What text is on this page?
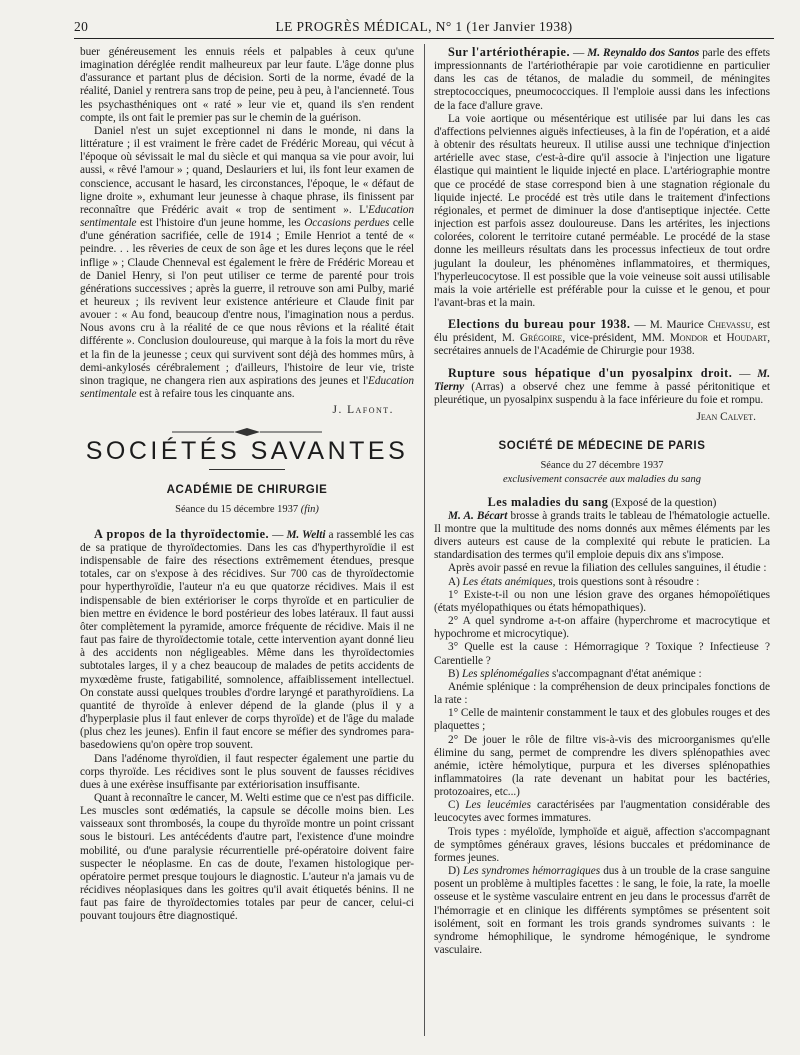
20	LE PROGRÈS MÉDICAL, N° 1 (1er Janvier 1938)

buer généreusement les ennuis réels et palpables à ceux qu'une imagination déréglée rendit malheureux par leur faute. L'âge donne plus d'assurance et partant plus de décision. Sorti de la norme, évadé de la réalité, Daniel y rentrera sans trop de peine, peu à peu, à l'ancienneté. Tous les psychasthéniques ont « raté » leur vie et, quand ils s'en rendent compte, ils ont fait le premier pas sur le chemin de la guérison.

Daniel n'est un sujet exceptionnel ni dans le monde, ni dans la littérature ; il est vraiment le frère cadet de Frédéric Moreau, qui vécut à l'époque où sévissait le mal du siècle et qui manqua sa vie pour avoir, lui aussi, « rêvé l'amour » ; quand, Deslauriers et lui, ils font leur examen de conscience, accusant le hasard, les circonstances, l'époque, le « défaut de ligne droite », exhumant leur jeunesse à chaque phrase, ils finissent par reconnaître que Frédéric avait « trop de sentiment ». L'Education sentimentale est l'histoire d'un jeune homme, les Occasions perdues celle d'une génération sacrifiée, celle de 1914 ; Emile Henriot a tenté de « peindre. . . les rêveries de ceux de son âge et les dures leçons que le réel inflige » ; Claude Chenneval est également le frère de Frédéric Moreau et de Daniel Henry, si l'on peut utiliser ce terme de parenté pour trois générations successives ; après la guerre, il retrouve son ami Pulby, marié et heureux ; ils revivent leur existence antérieure et Claude finit par avouer : « Au fond, beaucoup d'entre nous, l'imagination nous a perdus. Nous avons cru à la réalité de ce que nous rêvions et la réalité était différente ». Conclusion douloureuse, qui marque à la fois la mort du rêve et la fin de la jeunesse ; ceux qui survivent sont déjà des hommes mûrs, à demi-ankylosés cérébralement ; d'ailleurs, l'histoire de leur vie, triste sinon tragique, ne changera rien aux aspirations des jeunes et l'Education sentimentale est à refaire tous les cinquante ans.

J. Lafont.
SOCIÉTÉS SAVANTES
ACADÉMIE DE CHIRURGIE
Séance du 15 décembre 1937 (fin)

A propos de la thyroïdectomie. — M. Welti a rassemblé les cas de sa pratique de thyroïdectomies. Dans les cas d'hyperthyroïdie il est indispensable de faire des résections extrêmement étendues, presque totales, car on s'expose à des récidives. Sur 700 cas de thyroïdectomie pour hyperthyroïdie, l'auteur n'a eu que quatorze récidives. Mais il est indispensable de bien extérioriser le corps thyroïde et en particulier de bien mettre en évidence le bord postérieur des lobes latéraux. Il faut aussi ôter complètement la pyramide, amorce fréquente de récidive. Mais il ne faut pas faire de thyroïdectomie totale, cette intervention ayant donné lieu à des accidents non négligeables. Même dans les thyroïdectomies subtotales larges, il y a chez beaucoup de malades de petits accidents de myxœdème fruste, fatigabilité, somnolence, affaiblissement intellectuel. On constate aussi quelques troubles d'ordre laryngé et parathyroïdiens. La quantité de thyroïde à enlever dépend de la glande (plus il y a d'hyperplasie plus il faut enlever de corps thyroïde) et de l'âge du malade (plus chez les jeunes). Enfin il faut encore se méfier des syndromes para-basedowiens qu'on opère trop souvent.

Dans l'adénome thyroïdien, il faut respecter également une partie du corps thyroïde. Les récidives sont le plus souvent de fausses récidives dues à une exérèse insuffisante par extériorisation insuffisante.

Quant à reconnaître le cancer, M. Welti estime que ce n'est pas difficile. Les muscles sont œdématiés, la capsule se décolle moins bien. Les vaisseaux sont thrombosés, la coupe du thyroïde montre un point crissant sous le bistouri. Les antécédents d'autre part, l'existence d'une moindre mobilité, ou d'une paralysie récurrentielle pré-opératoire doivent faire suspecter le néoplasme. En cas de doute, l'examen histologique per-opératoire permet presque toujours le diagnostic. L'auteur n'a jamais vu de récidives néoplasiques dans les goitres qu'il avait étiquetés bénins. Il ne faut pas faire de thyroïdectomies totales par peur de cancer, celui-ci pouvant toujours être diagnostiqué.

Sur l'artériothérapie. — M. Reynaldo dos Santos parle des effets impressionnants de l'artériothérapie par voie carotidienne en particulier dans les cas de tétanos, de maladie du sommeil, de méningites streptococciques, pneumococciques. Il l'emploie aussi dans les infections de la face d'allure grave.

La voie aortique ou mésentérique est utilisée par lui dans les cas d'affections pelviennes aiguës infectieuses, à la fin de l'opération, et a aidé à obtenir des résultats heureux. Il utilise aussi une technique d'injection artérielle avec stase, c'est-à-dire qu'il associe à l'injection une ligature élastique qui maintient le liquide injecté en place. L'artériographie montre que ce procédé de stase correspond bien à une stagnation régionale du liquide injecté. Le procédé est très utile dans le traitement d'infections régionales, et permet de diminuer la dose d'antiseptique injectée. Cette injection est parfois assez douloureuse. Dans les artérites, les injections colorées, colorent le territoire cutané perméable. Le procédé de la stase donne les meilleurs résultats dans les processus infectieux de tout ordre jugulant la douleur, les phénomènes inflammatoires, et thermiques, l'hyperleucocytose. Il est possible que la voie veineuse soit aussi utilisable mais la voie artérielle est préférable pour la cuisse et le genou, et pour l'avant-bras et la main.

Elections du bureau pour 1938. — M. Maurice Chevassu, est élu président, M. Grégoire, vice-président, MM. Mondor et Houdart, secrétaires annuels de l'Académie de Chirurgie pour 1938.

Rupture sous hépatique d'un pyosalpinx droit. — M. Tierny (Arras) a observé chez une femme à passé péritonitique et pleurétique, un pyosalpinx suspendu à la face inférieure du foie et rompu.

Jean Calvet.
SOCIÉTÉ DE MÉDECINE DE PARIS
Séance du 27 décembre 1937
exclusivement consacrée aux maladies du sang

Les maladies du sang (Exposé de la question)

M. A. Bécart brosse à grands traits le tableau de l'hématologie actuelle. Il montre que la multitude des noms donnés aux mêmes éléments par les divers auteurs est cause de la complexité qui rebute le praticien. La standardisation des termes qu'il emploie depuis dix ans s'impose.

Après avoir passé en revue la filiation des cellules sanguines, il étudie :

A) Les états anémiques, trois questions sont à résoudre :

1° Existe-t-il ou non une lésion grave des organes hémopoïétiques (états myélopathiques ou états hémopathiques).

2° A quel syndrome a-t-on affaire (hyperchrome et macrocytique et hypochrome et microcytique).

3° Quelle est la cause : Hémorragique ? Toxique ? Infectieuse ? Carentielle ?

B) Les splénomégalies s'accompagnant d'état anémique :

Anémie splénique : la compréhension de deux principales fonctions de la rate :

1° Celle de maintenir constamment le taux et des globules rouges et des plaquettes ;

2° De jouer le rôle de filtre vis-à-vis des microorganismes qu'elle élimine du sang, permet de comprendre les divers splénopathies avec anémie, ictère hémolytique, purpura et les diverses splénopathies inflammatoires (la rate devenant un habitat pour les bactéries, protozoaires, etc...)

C) Les leucémies caractérisées par l'augmentation considérable des leucocytes avec formes immatures.

Trois types : myéloïde, lymphoïde et aiguë, affection s'accompagnant de symptômes généraux graves, lésions buccales et prédominance de formes jeunes.

D) Les syndromes hémorragiques dus à un trouble de la crase sanguine posent un problème à multiples facettes : le sang, le foie, la rate, la moelle osseuse et le système vasculaire entrent en jeu dans le processus d'arrêt de l'hémorragie et en clinique les différents symptômes se présentent soit isolément, soit en formant les trois grands syndromes suivants : le syndrome hémophilique, le syndrome hémogénique, le syndrome vasculaire.
